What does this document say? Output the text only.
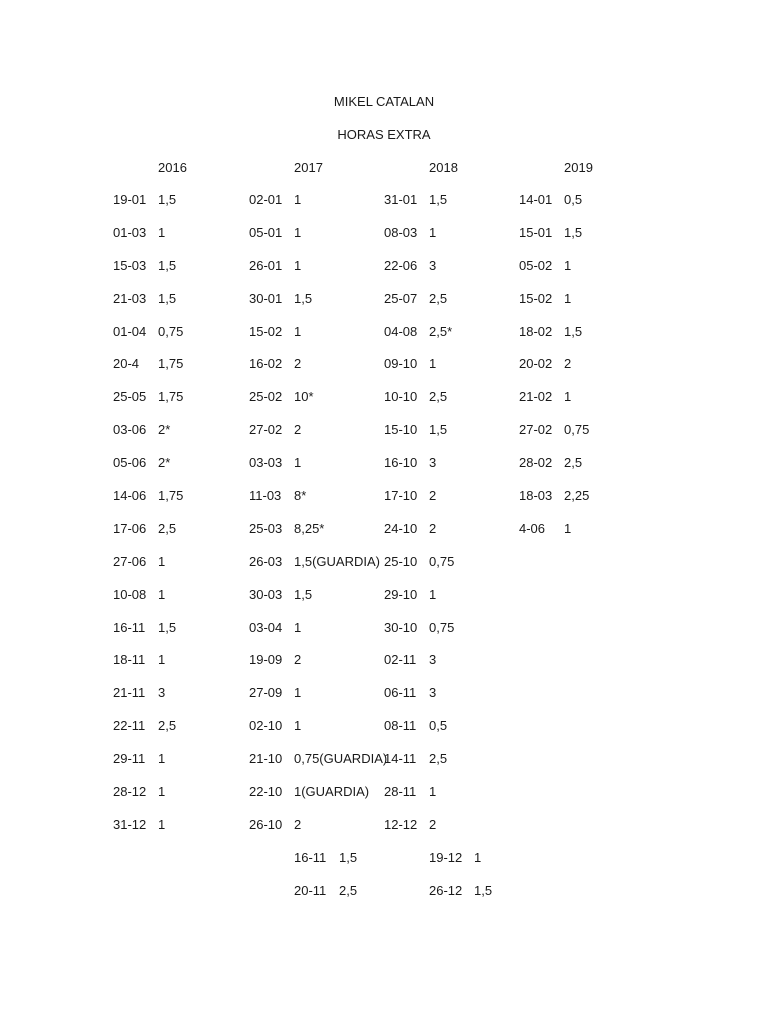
MIKEL CATALAN
HORAS EXTRA
2016
19-01 1,5
01-03 1
15-03 1,5
21-03 1,5
01-04 0,75
20-4 1,75
25-05 1,75
03-06 2*
05-06 2*
14-06 1,75
17-06 2,5
27-06 1
10-08 1
16-11 1,5
18-11 1
21-11 3
22-11 2,5
29-11 1
28-12 1
31-12 1
2017
02-01 1
05-01 1
26-01 1
30-01 1,5
15-02 1
16-02 2
25-02 10*
27-02 2
03-03 1
11-03 8*
25-03 8,25*
26-03 1,5(GUARDIA)
30-03 1,5
03-04 1
19-09 2
27-09 1
02-10 1
21-10 0,75(GUARDIA)
22-10 1(GUARDIA)
26-10 2
16-11 1,5
20-11 2,5
2018
31-01 1,5
08-03 1
22-06 3
25-07 2,5
04-08 2,5*
09-10 1
10-10 2,5
15-10 1,5
16-10 3
17-10 2
24-10 2
25-10 0,75
29-10 1
30-10 0,75
02-11 3
06-11 3
08-11 0,5
14-11 2,5
28-11 1
12-12 2
19-12 1
26-12 1,5
2019
14-01 0,5
15-01 1,5
05-02 1
15-02 1
18-02 1,5
20-02 2
21-02 1
27-02 0,75
28-02 2,5
18-03 2,25
4-06 1
